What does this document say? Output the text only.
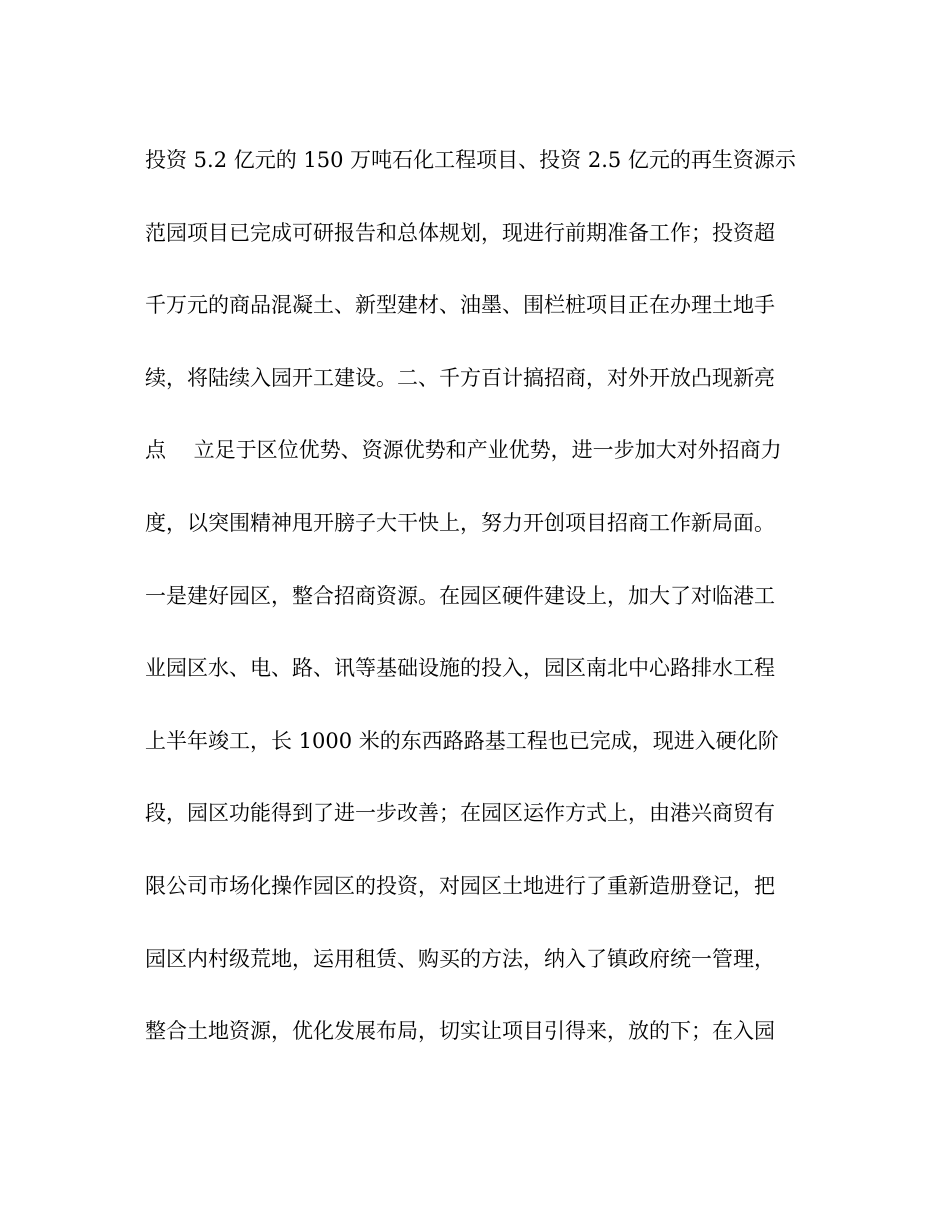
投资 5.2 亿元的 150 万吨石化工程项目、投资 2.5 亿元的再生资源示
范园项目已完成可研报告和总体规划，现进行前期准备工作；投资超
千万元的商品混凝土、新型建材、油墨、围栏桩项目正在办理土地手
续，将陆续入园开工建设。二、千方百计搞招商，对外开放凸现新亮
点　 立足于区位优势、资源优势和产业优势，进一步加大对外招商力
度，以突围精神甩开膀子大干快上，努力开创项目招商工作新局面。
一是建好园区，整合招商资源。在园区硬件建设上，加大了对临港工
业园区水、电、路、讯等基础设施的投入，园区南北中心路排水工程
上半年竣工，长 1000 米的东西路路基工程也已完成，现进入硬化阶
段，园区功能得到了进一步改善；在园区运作方式上，由港兴商贸有
限公司市场化操作园区的投资，对园区土地进行了重新造册登记，把
园区内村级荒地，运用租赁、购买的方法，纳入了镇政府统一管理，
整合土地资源，优化发展布局，切实让项目引得来，放的下；在入园
